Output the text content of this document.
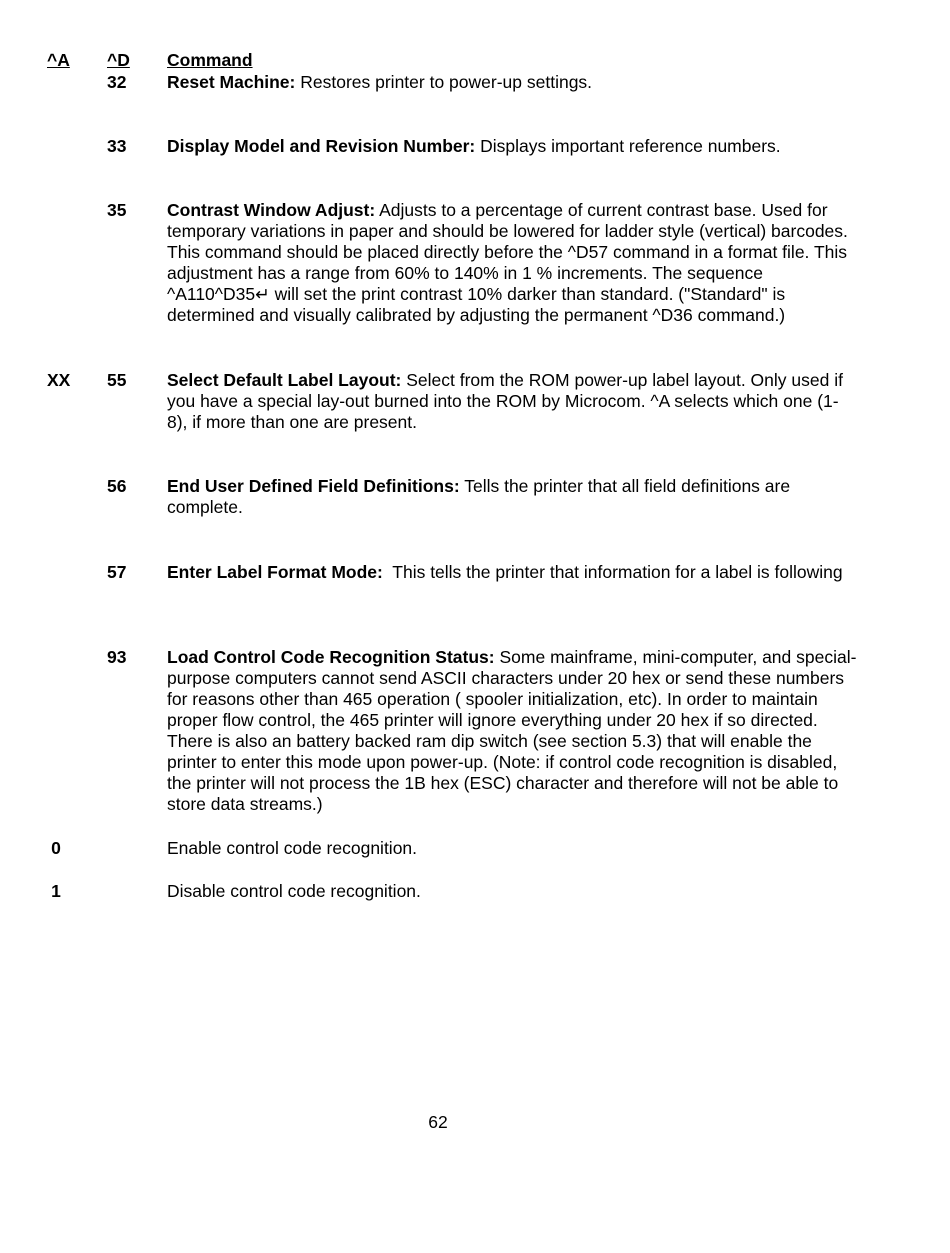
^A ^D Command
32 Reset Machine: Restores printer to power-up settings.
33 Display Model and Revision Number: Displays important reference numbers.
35 Contrast Window Adjust: Adjusts to a percentage of current contrast base. Used for temporary variations in paper and should be lowered for ladder style (vertical) barcodes. This command should be placed directly before the ^D57 command in a format file. This adjustment has a range from 60% to 140% in 1 % increments. The sequence ^A110^D35↵ will set the print contrast 10% darker than standard. ("Standard" is determined and visually calibrated by adjusting the permanent ^D36 command.)
XX 55 Select Default Label Layout: Select from the ROM power-up label layout. Only used if you have a special lay-out burned into the ROM by Microcom. ^A selects which one (1-8), if more than one are present.
56 End User Defined Field Definitions: Tells the printer that all field definitions are complete.
57 Enter Label Format Mode:  This tells the printer that information for a label is following
93 Load Control Code Recognition Status: Some mainframe, mini-computer, and special-purpose computers cannot send ASCII characters under 20 hex or send these numbers for reasons other than 465 operation ( spooler initialization, etc). In order to maintain proper flow control, the 465 printer will ignore everything under 20 hex if so directed. There is also an battery backed ram dip switch (see section 5.3) that will enable the printer to enter this mode upon power-up. (Note: if control code recognition is disabled, the printer will not process the 1B hex (ESC) character and therefore will not be able to store data streams.)
0	Enable control code recognition.
1	Disable control code recognition.
62
